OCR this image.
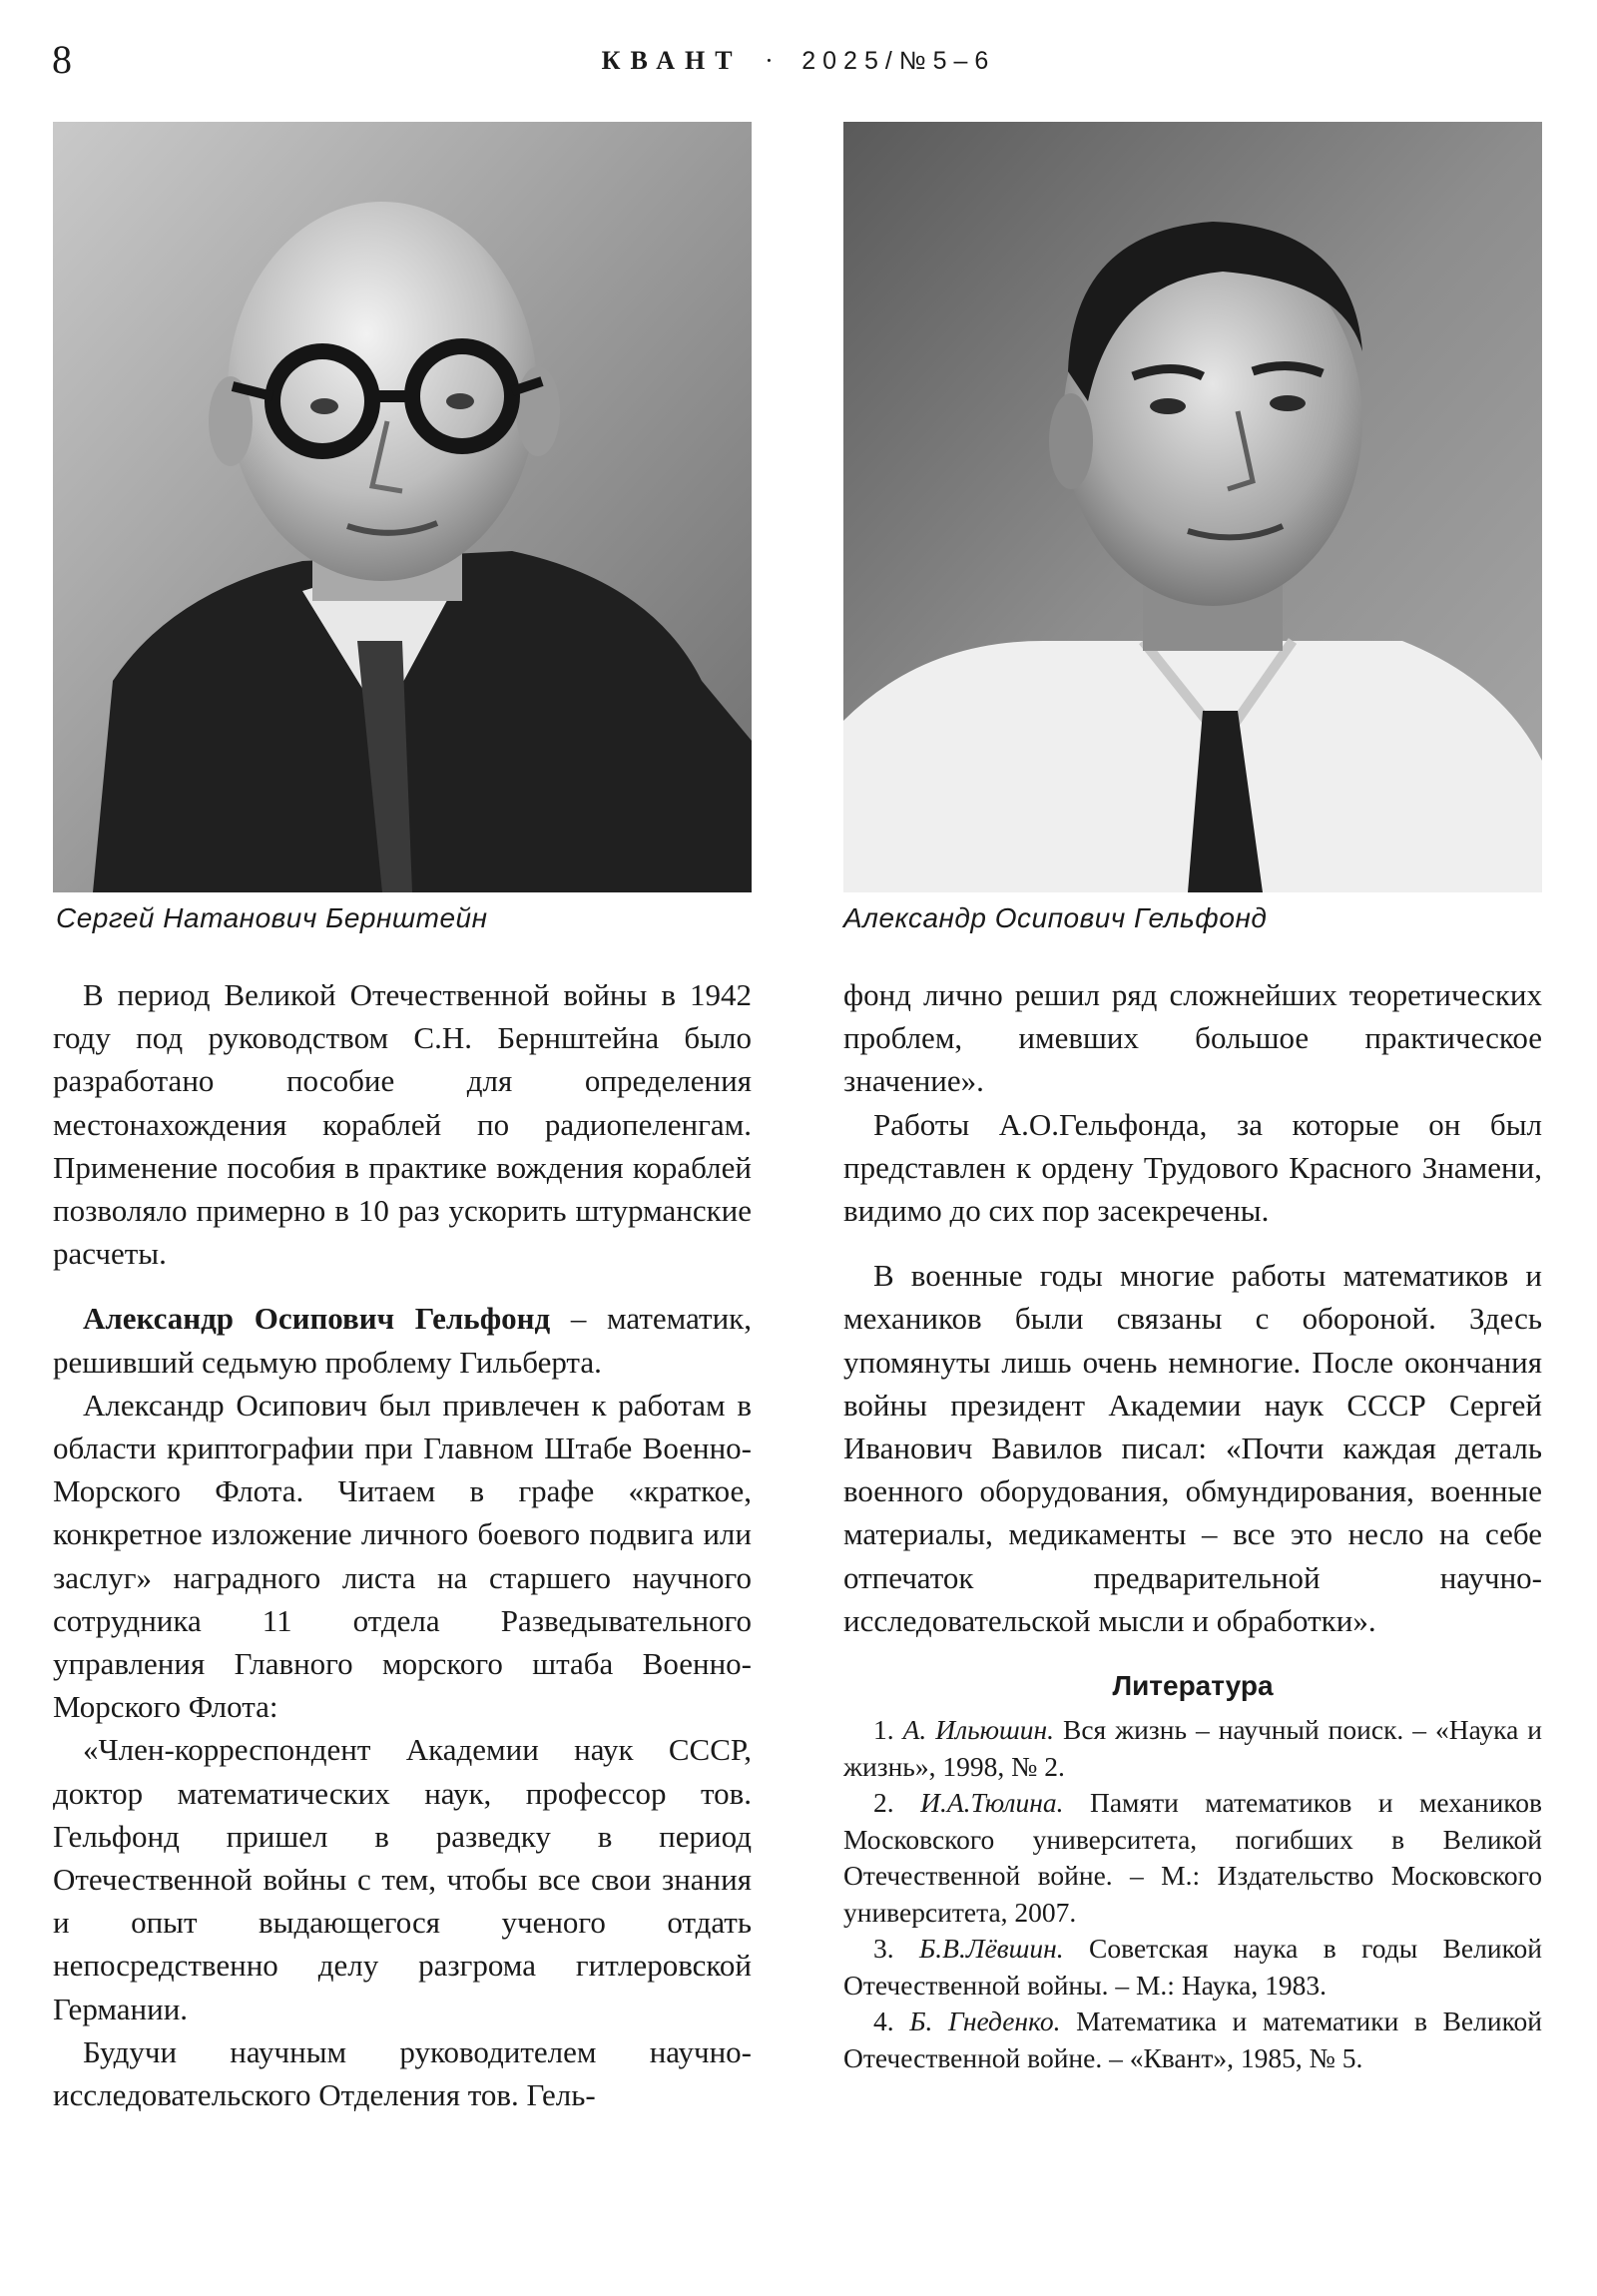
8	КВАНТ · 2025/№5–6
Сергей Натанович Бернштейн	Александр Осипович Гельфонд

В период Великой Отечественной войны в 1942 году под руководством С.Н. Бернштейна было разработано пособие для определения местонахождения кораблей по радиопеленгам. Применение пособия в практике вождения кораблей позволяло примерно в 10 раз ускорить штурманские расчеты.

Александр Осипович Гельфонд – математик, решивший седьмую проблему Гильберта.

Александр Осипович был привлечен к работам в области криптографии при Главном Штабе Военно-Морского Флота. Читаем в графе «краткое, конкретное изложение личного боевого подвига или заслуг» наградного листа на старшего научного сотрудника 11 отдела Разведывательного управления Главного морского штаба Военно-Морского Флота:

«Член-корреспондент Академии наук СССР, доктор математических наук, профессор тов. Гельфонд пришел в разведку в период Отечественной войны с тем, чтобы все свои знания и опыт выдающегося ученого отдать непосредственно делу разгрома гитлеровской Германии.

Будучи научным руководителем научно-исследовательского Отделения тов. Гель-

фонд лично решил ряд сложнейших теоретических проблем, имевших большое практическое значение».

Работы А.О.Гельфонда, за которые он был представлен к ордену Трудового Красного Знамени, видимо до сих пор засекречены.

В военные годы многие работы математиков и механиков были связаны с обороной. Здесь упомянуты лишь очень немногие. После окончания войны президент Академии наук СССР Сергей Иванович Вавилов писал: «Почти каждая деталь военного оборудования, обмундирования, военные материалы, медикаменты – все это несло на себе отпечаток предварительной научно-исследовательской мысли и обработки».

Литература

1. А. Ильюшин. Вся жизнь – научный поиск. – «Наука и жизнь», 1998, № 2.

2. И.А.Тюлина. Памяти математиков и механиков Московского университета, погибших в Великой Отечественной войне. – М.: Издательство Московского университета, 2007.

3. Б.В.Лёвшин. Советская наука в годы Великой Отечественной войны. – М.: Наука, 1983.

4. Б. Гнеденко. Математика и математики в Великой Отечественной войне. – «Квант», 1985, № 5.
